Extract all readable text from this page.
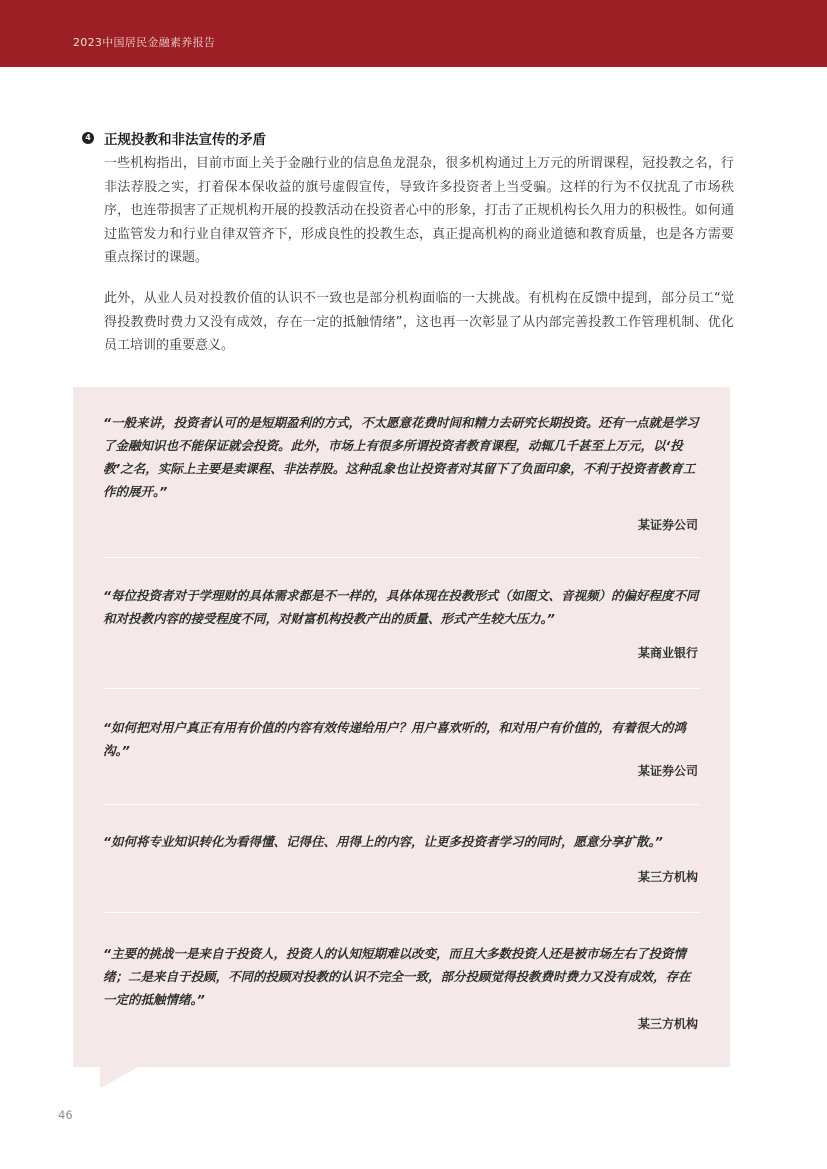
2023中国居民金融素养报告
4 正规投教和非法宣传的矛盾

一些机构指出，目前市面上关于金融行业的信息鱼龙混杂，很多机构通过上万元的所谓课程，冠投教之名，行非法荐股之实，打着保本保收益的旗号虚假宣传，导致许多投资者上当受骗。这样的行为不仅扰乱了市场秩序，也连带损害了正规机构开展的投教活动在投资者心中的形象，打击了正规机构长久用力的积极性。如何通过监管发力和行业自律双管齐下，形成良性的投教生态，真正提高机构的商业道德和教育质量，也是各方需要重点探讨的课题。

此外，从业人员对投教价值的认识不一致也是部分机构面临的一大挑战。有机构在反馈中提到，部分员工“觉得投教费时费力又没有成效，存在一定的抵触情绪”，这也再一次彰显了从内部完善投教工作管理机制、优化员工培训的重要意义。

“一般来讲，投资者认可的是短期盈利的方式，不太愿意花费时间和精力去研究长期投资。还有一点就是学习了金融知识也不能保证就会投资。此外，市场上有很多所谓投资者教育课程，动辄几千甚至上万元，以‘投教’之名，实际上主要是卖课程、非法荐股。这种乱象也让投资者对其留下了负面印象，不利于投资者教育工作的展开。”

某证券公司

“每位投资者对于学理财的具体需求都是不一样的，具体体现在投教形式（如图文、音视频）的偏好程度不同和对投教内容的接受程度不同，对财富机构投教产出的质量、形式产生较大压力。”

某商业银行

“如何把对用户真正有用有价值的内容有效传递给用户？用户喜欢听的，和对用户有价值的，有着很大的鸿沟。”

某证券公司

“如何将专业知识转化为看得懂、记得住、用得上的内容，让更多投资者学习的同时，愿意分享扩散。”

某三方机构

“主要的挑战一是来自于投资人，投资人的认知短期难以改变，而且大多数投资人还是被市场左右了投资情绪；二是来自于投顾，不同的投顾对投教的认识不完全一致，部分投顾觉得投教费时费力又没有成效，存在一定的抵触情绪。”

某三方机构
46
